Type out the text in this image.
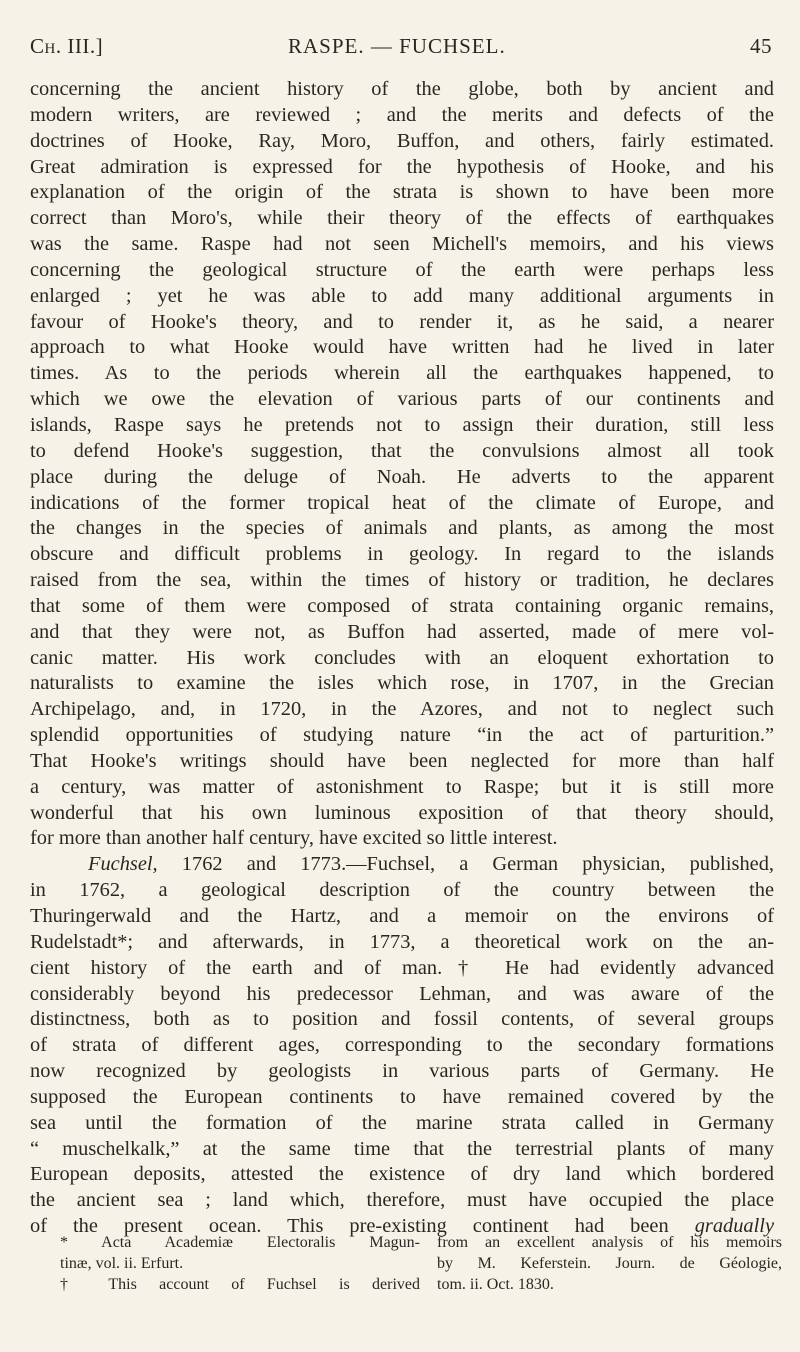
Ch. III.]	RASPE. — FUCHSEL.	45
concerning the ancient history of the globe, both by ancient and
modern writers, are reviewed ; and the merits and defects of the
doctrines of Hooke, Ray, Moro, Buffon, and others, fairly estimated.
Great admiration is expressed for the hypothesis of Hooke, and his
explanation of the origin of the strata is shown to have been more
correct than Moro's, while their theory of the effects of earthquakes
was the same. Raspe had not seen Michell's memoirs, and his views
concerning the geological structure of the earth were perhaps less
enlarged ; yet he was able to add many additional arguments in
favour of Hooke's theory, and to render it, as he said, a nearer
approach to what Hooke would have written had he lived in later
times. As to the periods wherein all the earthquakes happened, to
which we owe the elevation of various parts of our continents and
islands, Raspe says he pretends not to assign their duration, still less
to defend Hooke's suggestion, that the convulsions almost all took
place during the deluge of Noah. He adverts to the apparent
indications of the former tropical heat of the climate of Europe, and
the changes in the species of animals and plants, as among the most
obscure and difficult problems in geology. In regard to the islands
raised from the sea, within the times of history or tradition, he declares
that some of them were composed of strata containing organic remains,
and that they were not, as Buffon had asserted, made of mere vol-
canic matter. His work concludes with an eloquent exhortation to
naturalists to examine the isles which rose, in 1707, in the Grecian
Archipelago, and, in 1720, in the Azores, and not to neglect such
splendid opportunities of studying nature “in the act of parturition.”
That Hooke's writings should have been neglected for more than half
a century, was matter of astonishment to Raspe; but it is still more
wonderful that his own luminous exposition of that theory should,
for more than another half century, have excited so little interest.
Fuchsel, 1762 and 1773.—Fuchsel, a German physician, published,
in 1762, a geological description of the country between the
Thuringerwald and the Hartz, and a memoir on the environs of
Rudelstadt*; and afterwards, in 1773, a theoretical work on the an-
cient history of the earth and of man.† He had evidently advanced
considerably beyond his predecessor Lehman, and was aware of the
distinctness, both as to position and fossil contents, of several groups
of strata of different ages, corresponding to the secondary formations
now recognized by geologists in various parts of Germany. He
supposed the European continents to have remained covered by the
sea until the formation of the marine strata called in Germany
“ muschelkalk,” at the same time that the terrestrial plants of many
European deposits, attested the existence of dry land which bordered
the ancient sea ; land which, therefore, must have occupied the place
of the present ocean. This pre-existing continent had been gradually
* Acta Academiæ Electoralis Magun-
tinæ, vol. ii. Erfurt.
† This account of Fuchsel is derived
from an excellent analysis of his memoirs
by M. Keferstein. Journ. de Géologie,
tom. ii. Oct. 1830.
